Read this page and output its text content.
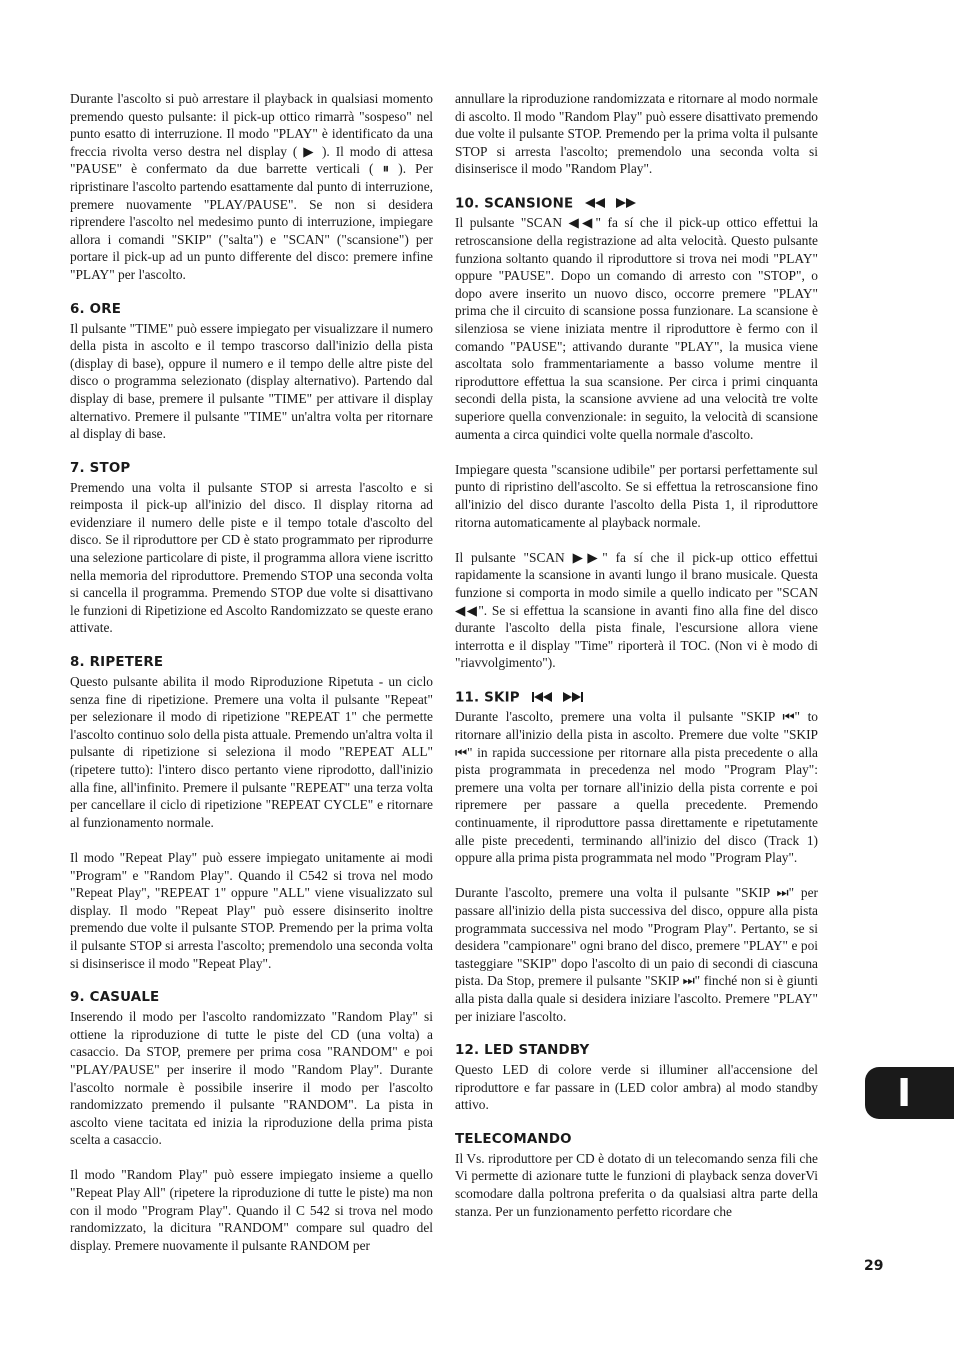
Durante l'ascolto si può arrestare il playback in qualsiasi momento premendo questo pulsante: il pick-up ottico rimarrà "sospeso" nel punto esatto di interruzione. Il modo "PLAY" è identificato da una freccia rivolta verso destra nel display ( ▶ ). Il modo di attesa "PAUSE" è confermato da due barrette verticali ( ⏸ ). Per ripristinare l'ascolto partendo esattamente dal punto di interruzione, premere nuovamente "PLAY/PAUSE". Se non si desidera riprendere l'ascolto nel medesimo punto di interruzione, impiegare allora i comandi "SKIP" ("salta") e "SCAN" ("scansione") per portare il pick-up ad un punto differente del disco: premere infine "PLAY" per l'ascolto.

6. ORE

Il pulsante "TIME" può essere impiegato per visualizzare il numero della pista in ascolto e il tempo trascorso dall'inizio della pista (display di base), oppure il numero e il tempo delle altre piste del disco o programma selezionato (display alternativo). Partendo dal display di base, premere il pulsante "TIME" per attivare il display alternativo. Premere il pulsante "TIME" un'altra volta per ritornare al display di base.

7. STOP

Premendo una volta il pulsante STOP si arresta l'ascolto e si reimposta il pick-up all'inizio del disco. Il display ritorna ad evidenziare il numero delle piste e il tempo totale d'ascolto del disco. Se il riproduttore per CD è stato programmato per riprodurre una selezione particolare di piste, il programma allora viene iscritto nella memoria del riproduttore. Premendo STOP una seconda volta si cancella il programma. Premendo STOP due volte si disattivano le funzioni di Ripetizione ed Ascolto Randomizzato se queste erano attivate.

8. RIPETERE

Questo pulsante abilita il modo Riproduzione Ripetuta - un ciclo senza fine di ripetizione. Premere una volta il pulsante "Repeat" per selezionare il modo di ripetizione "REPEAT 1" che permette l'ascolto continuo solo della pista attuale. Premendo un'altra volta il pulsante di ripetizione si seleziona il modo "REPEAT ALL" (ripetere tutto): l'intero disco pertanto viene riprodotto, dall'inizio alla fine, all'infinito. Premere il pulsante "REPEAT" una terza volta per cancellare il ciclo di ripetizione "REPEAT CYCLE" e ritornare al funzionamento normale.

Il modo "Repeat Play" può essere impiegato unitamente ai modi "Program" e "Random Play". Quando il C542 si trova nel modo "Repeat Play", "REPEAT 1" oppure "ALL" viene visualizzato sul display. Il modo "Repeat Play" può essere disinserito inoltre premendo due volte il pulsante STOP. Premendo per la prima volta il pulsante STOP si arresta l'ascolto; premendolo una seconda volta si disinserisce il modo "Repeat Play".

9. CASUALE

Inserendo il modo per l'ascolto randomizzato "Random Play" si ottiene la riproduzione di tutte le piste del CD (una volta) a casaccio. Da STOP, premere per prima cosa "RANDOM" e poi "PLAY/PAUSE" per inserire il modo "Random Play". Durante l'ascolto normale è possibile inserire il modo per l'ascolto randomizzato premendo il pulsante "RANDOM". La pista in ascolto viene tacitata ed inizia la riproduzione della prima pista scelta a casaccio.

Il modo "Random Play" può essere impiegato insieme a quello "Repeat Play All" (ripetere la riproduzione di tutte le piste) ma non con il modo "Program Play". Quando il C 542 si trova nel modo randomizzato, la dicitura "RANDOM" compare sul quadro del display. Premere nuovamente il pulsante RANDOM per

annullare la riproduzione randomizzata e ritornare al modo normale di ascolto. Il modo "Random Play" può essere disattivato premendo due volte il pulsante STOP. Premendo per la prima volta il pulsante STOP si arresta l'ascolto; premendolo una seconda volta si disinserisce il modo "Random Play".

10. SCANSIONE

Il pulsante "SCAN ◀◀" fa sí che il pick-up ottico effettui la retroscansione della registrazione ad alta velocità. Questo pulsante funziona soltanto quando il riproduttore si trova nei modi "PLAY" oppure "PAUSE". Dopo un comando di arresto con "STOP", o dopo avere inserito un nuovo disco, occorre premere "PLAY" prima che il circuito di scansione possa funzionare. La scansione è silenziosa se viene iniziata mentre il riproduttore è fermo con il comando "PAUSE"; attivando durante "PLAY", la musica viene ascoltata solo frammentariamente a basso volume mentre il riproduttore effettua la sua scansione. Per circa i primi cinquanta secondi della pista, la scansione avviene ad una velocità tre volte superiore quella convenzionale: in seguito, la velocità di scansione aumenta a circa quindici volte quella normale d'ascolto.

Impiegare questa "scansione udibile" per portarsi perfettamente sul punto di ripristino dell'ascolto. Se si effettua la retroscansione fino all'inizio del disco durante l'ascolto della Pista 1, il riproduttore ritorna automaticamente al playback normale.

Il pulsante "SCAN ▶▶" fa sí che il pick-up ottico effettui rapidamente la scansione in avanti lungo il brano musicale. Questa funzione si comporta in modo simile a quello indicato per "SCAN ◀◀". Se si effettua la scansione in avanti fino alla fine del disco durante l'ascolto della pista finale, l'escursione allora viene interrotta e il display "Time" riporterà il TOC. (Non vi è modo di "riavvolgimento").

11. SKIP

Durante l'ascolto, premere una volta il pulsante "SKIP ⏮" to ritornare all'inizio della pista in ascolto. Premere due volte "SKIP ⏮" in rapida successione per ritornare alla pista precedente o alla pista programmata in precedenza nel modo "Program Play": premere una volta per tornare all'inizio della pista corrente e poi ripremere per passare a quella precedente. Premendo continuamente, il riproduttore passa direttamente e ripetutamente alle piste precedenti, terminando all'inizio del disco (Track 1) oppure alla prima pista programmata nel modo "Program Play".

Durante l'ascolto, premere una volta il pulsante "SKIP ⏭" per passare all'inizio della pista successiva del disco, oppure alla pista programmata successiva nel modo "Program Play". Pertanto, se si desidera "campionare" ogni brano del disco, premere "PLAY" e poi tasteggiare "SKIP" dopo l'ascolto di un paio di secondi di ciascuna pista. Da Stop, premere il pulsante "SKIP ⏭" finché non si è giunti alla pista dalla quale si desidera iniziare l'ascolto. Premere "PLAY" per iniziare l'ascolto.

12. LED STANDBY

Questo LED di colore verde si illuminer all'accensione del riproduttore e far passare in (LED color ambra) al modo standby attivo.

TELECOMANDO

Il Vs. riproduttore per CD è dotato di un telecomando senza fili che Vi permette di azionare tutte le funzioni di playback senza doverVi scomodare dalla poltrona preferita o da qualsiasi altra parte della stanza. Per un funzionamento perfetto ricordare che

I
29
